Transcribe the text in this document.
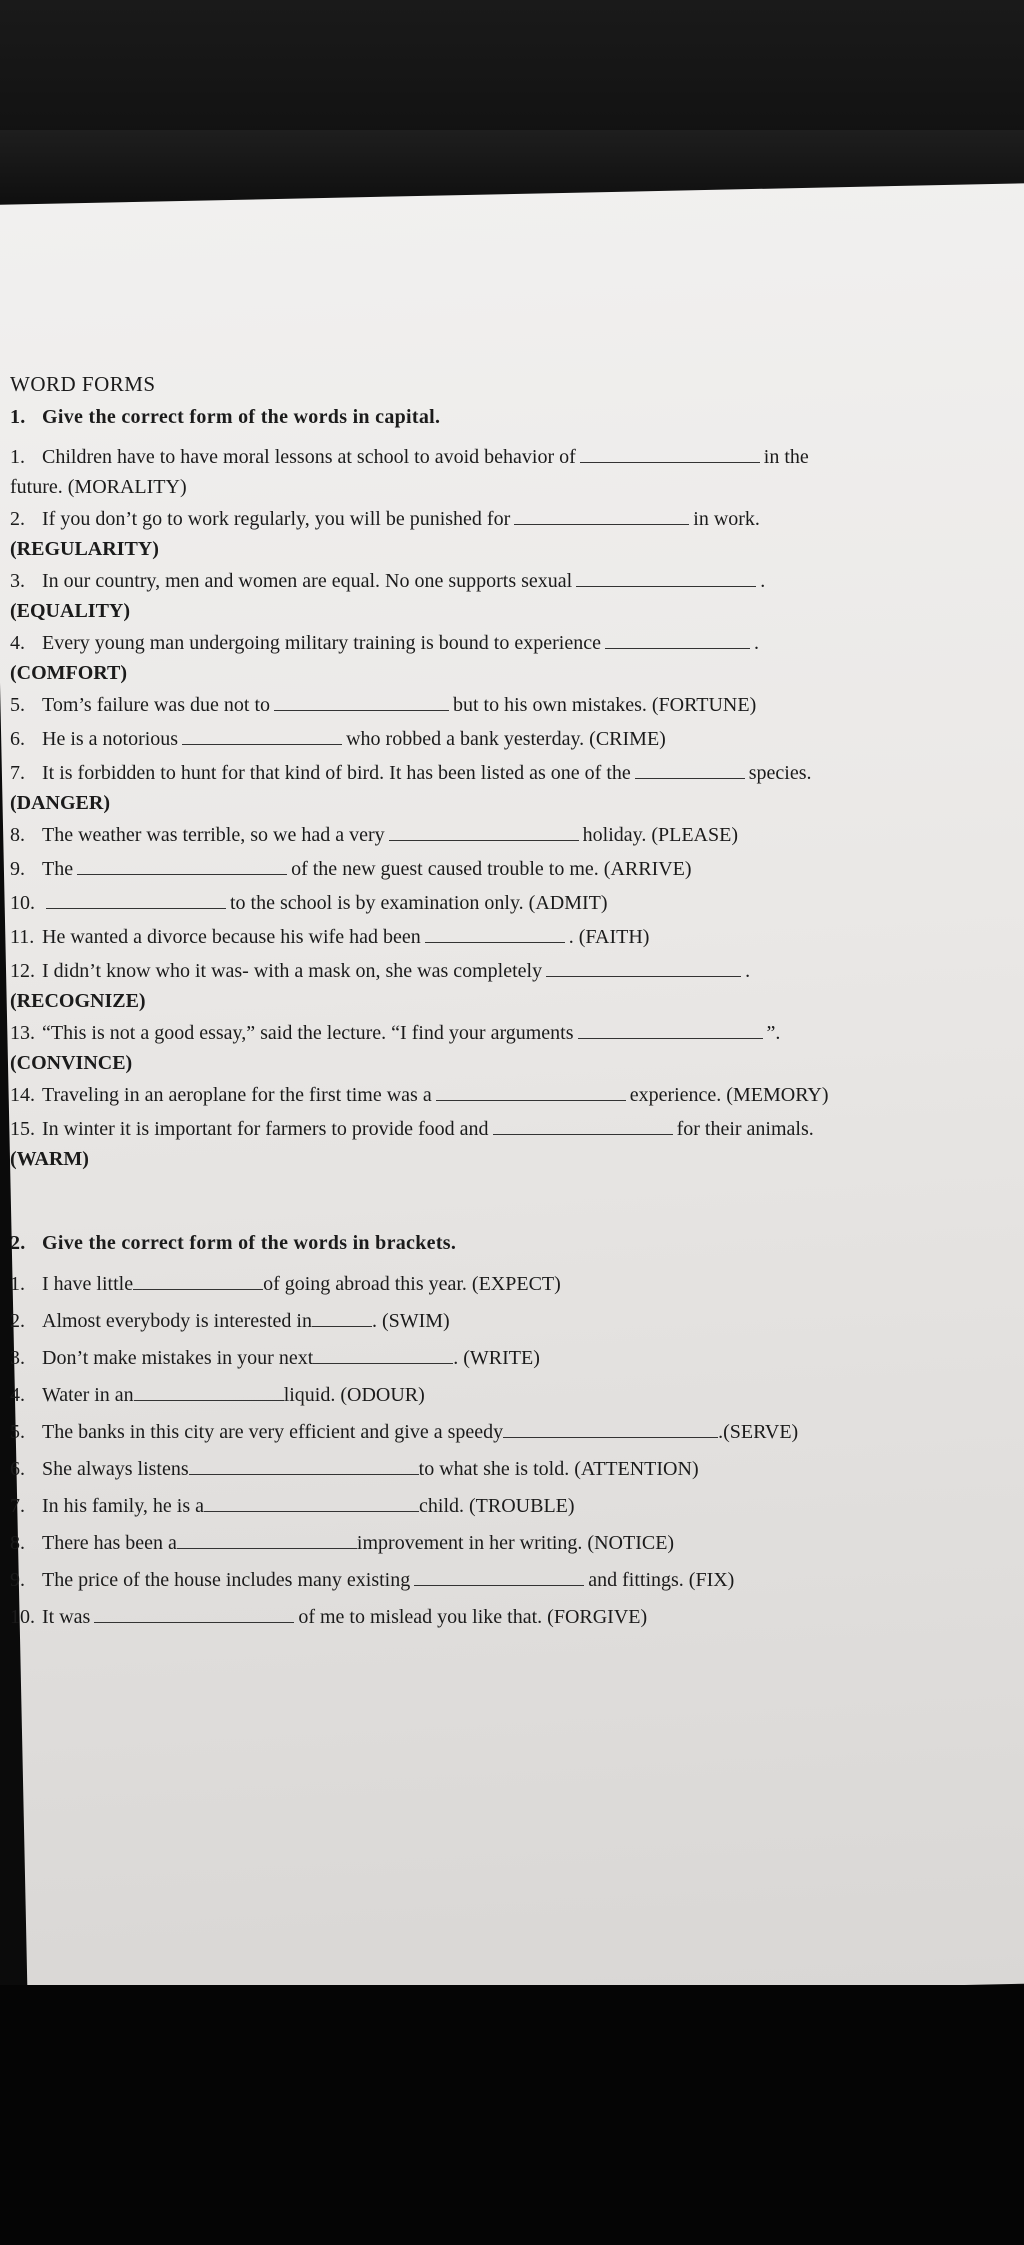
WORD FORMS
1. Give the correct form of the words in capital.
1. Children have to have moral lessons at school to avoid behavior of	in the
future. (MORALITY)
2. If you don’t go to work regularly, you will be punished for	in work.
(REGULARITY)
3. In our country, men and women are equal. No one supports sexual	.
(EQUALITY)
4. Every young man undergoing military training is bound to experience	.
(COMFORT)
5. Tom’s failure was due not to	but to his own mistakes. (FORTUNE)
6. He is a notorious	who robbed a bank yesterday. (CRIME)
7. It is forbidden to hunt for that kind of bird. It has been listed as one of the	species.
(DANGER)
8. The weather was terrible, so we had a very	holiday. (PLEASE)
9. The	of the new guest caused trouble to me. (ARRIVE)
10.	to the school is by examination only. (ADMIT)
11. He wanted a divorce because his wife had been	. (FAITH)
12. I didn’t know who it was- with a mask on, she was completely	.
(RECOGNIZE)
13. “This is not a good essay,” said the lecture. “I find your arguments	”.
(CONVINCE)
14. Traveling in an aeroplane for the first time was a	experience. (MEMORY)
15. In winter it is important for farmers to provide food and	for their animals.
(WARM)
2. Give the correct form of the words in brackets.
1. I have little	of going abroad this year. (EXPECT)
2. Almost everybody is interested in	. (SWIM)
3. Don’t make mistakes in your next	. (WRITE)
4. Water in an	liquid. (ODOUR)
5. The banks in this city are very efficient and give a speedy	.(SERVE)
6. She always listens	to what she is told. (ATTENTION)
7. In his family, he is a	child. (TROUBLE)
8. There has been a	improvement in her writing. (NOTICE)
9. The price of the house includes many existing	and fittings. (FIX)
10. It was	of me to mislead you like that. (FORGIVE)
